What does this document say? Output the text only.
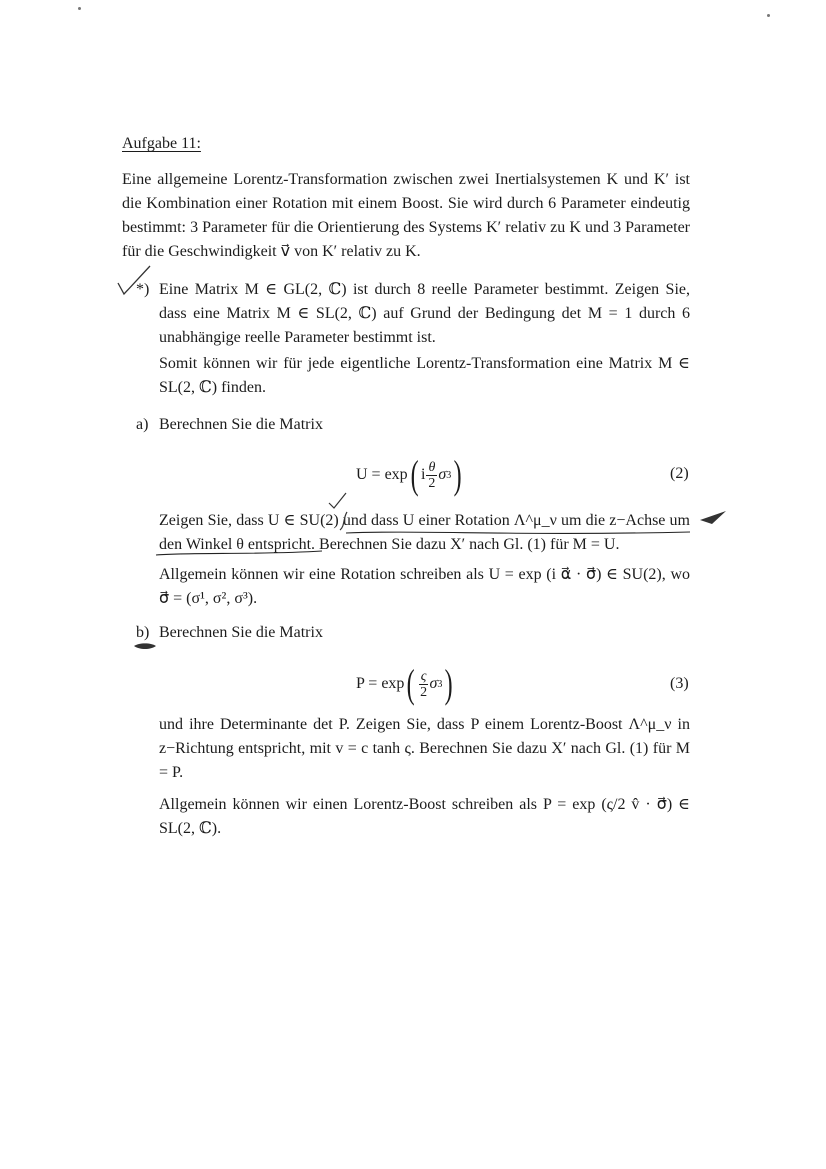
Aufgabe 11:
Eine allgemeine Lorentz-Transformation zwischen zwei Inertialsystemen K und K′ ist die Kombination einer Rotation mit einem Boost. Sie wird durch 6 Parameter eindeutig bestimmt: 3 Parameter für die Orientierung des Systems K′ relativ zu K und 3 Parameter für die Geschwindigkeit v⃗ von K′ relativ zu K.
*) Eine Matrix M ∈ GL(2, ℂ) ist durch 8 reelle Parameter bestimmt. Zeigen Sie, dass eine Matrix M ∈ SL(2, ℂ) auf Grund der Bedingung det M = 1 durch 6 unabhängige reelle Parameter bestimmt ist.
Somit können wir für jede eigentliche Lorentz-Transformation eine Matrix M ∈ SL(2, ℂ) finden.
a) Berechnen Sie die Matrix
U = exp ( i $\frac{\theta}{2}$ σ 3 )	(2)
Zeigen Sie, dass U ∈ SU(2) und dass U einer Rotation Λ^μ_ν um die z−Achse um den Winkel θ entspricht. Berechnen Sie dazu X′ nach Gl. (1) für M = U.
Allgemein können wir eine Rotation schreiben als U = exp (i α⃗ · σ⃗) ∈ SU(2), wo σ⃗ = (σ¹, σ², σ³).
b) Berechnen Sie die Matrix
P = exp ( $\frac{\varsigma}{2}$ σ 3 )	(3)
und ihre Determinante det P. Zeigen Sie, dass P einem Lorentz-Boost Λ^μ_ν in z−Richtung entspricht, mit v = c tanh ς. Berechnen Sie dazu X′ nach Gl. (1) für M = P.
Allgemein können wir einen Lorentz-Boost schreiben als P = exp (ς/2 v̂ · σ⃗) ∈ SL(2, ℂ).
